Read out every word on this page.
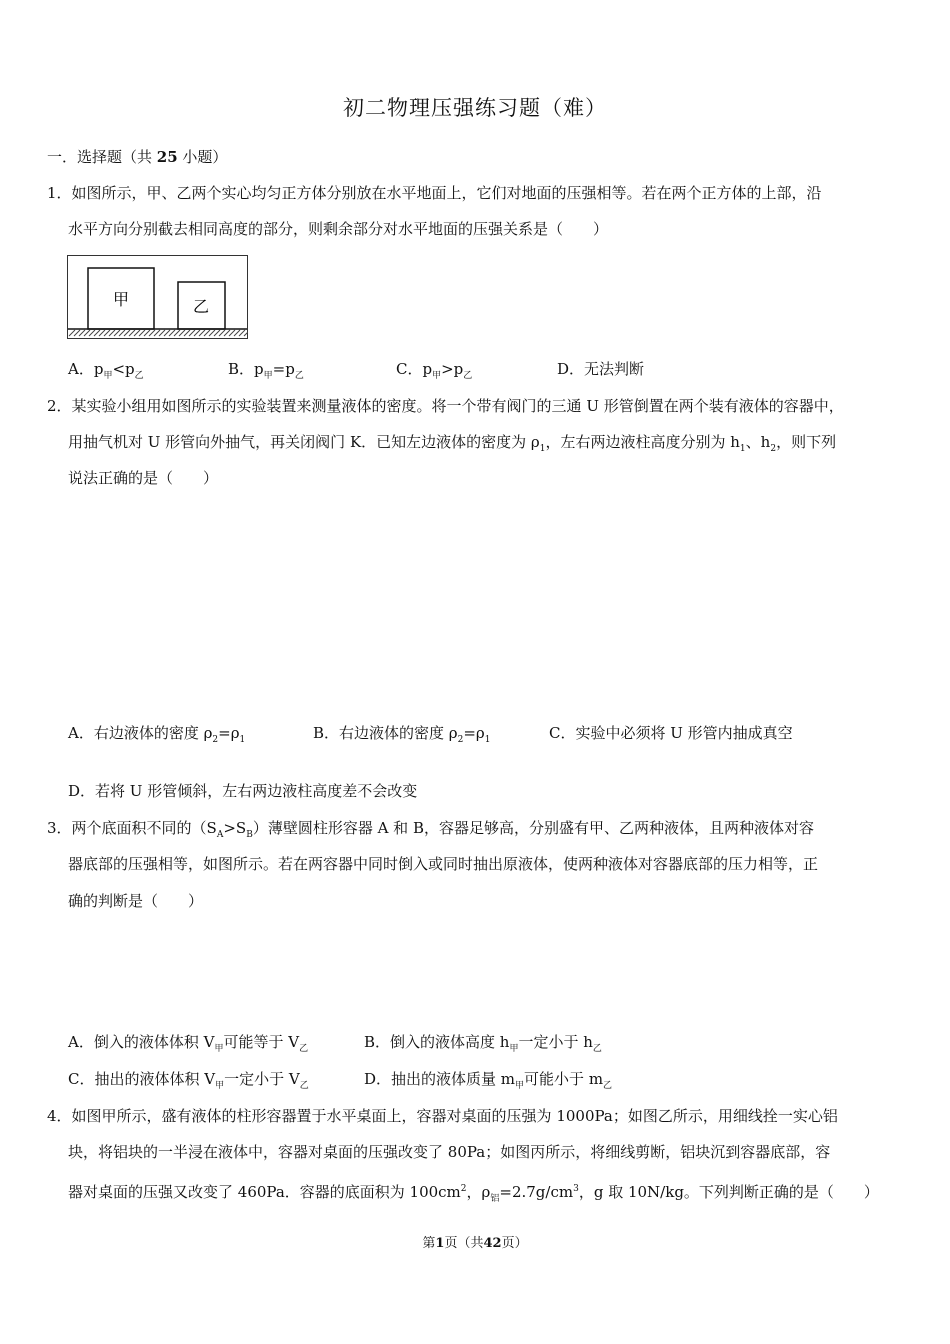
初二物理压强练习题（难）
一．选择题（共 25 小题）
1．如图所示，甲、乙两个实心均匀正方体分别放在水平地面上，它们对地面的压强相等。若在两个正方体的上部，沿
水平方向分别截去相同高度的部分，则剩余部分对水平地面的压强关系是（　　）
甲	乙
A．$p_甲<p_乙$	B．$p_甲=p_乙$	C．$p_甲>p_乙$	D．无法判断
2．某实验小组用如图所示的实验装置来测量液体的密度。将一个带有阀门的三通 U 形管倒置在两个装有液体的容器中，
用抽气机对 U 形管向外抽气，再关闭阀门 K．已知左边液体的密度为 $\rho_1$，左右两边液柱高度分别为 $h_1$、$h_2$，则下列
说法正确的是（　　）
A．右边液体的密度 $\rho_2=\rho_1$	B．右边液体的密度 $\rho_2=\rho_1$	C．实验中必须将 U 形管内抽成真空
D．若将 U 形管倾斜，左右两边液柱高度差不会改变
3．两个底面积不同的$(S_A>S_B)$薄壁圆柱形容器 A 和 B，容器足够高，分别盛有甲、乙两种液体，且两种液体对容
器底部的压强相等，如图所示。若在两容器中同时倒入或同时抽出原液体，使两种液体对容器底部的压力相等，正
确的判断是（　　）
A．倒入的液体体积 $V_甲$可能等于 $V_乙$	B．倒入的液体高度 $h_甲$一定小于 $h_乙$
C．抽出的液体体积 $V_甲$一定小于 $V_乙$	D．抽出的液体质量 $m_甲$可能小于 $m_乙$
4．如图甲所示，盛有液体的柱形容器置于水平桌面上，容器对桌面的压强为 1000Pa；如图乙所示，用细线拴一实心铝
块，将铝块的一半浸在液体中，容器对桌面的压强改变了 80Pa；如图丙所示，将细线剪断，铝块沉到容器底部，容
器对桌面的压强又改变了 460Pa．容器的底面积为 $100cm^2$，$\rho_铝=2.7g/cm^3$，g 取 10N/kg。下列判断正确的是（　　）
第1页（共42页）
